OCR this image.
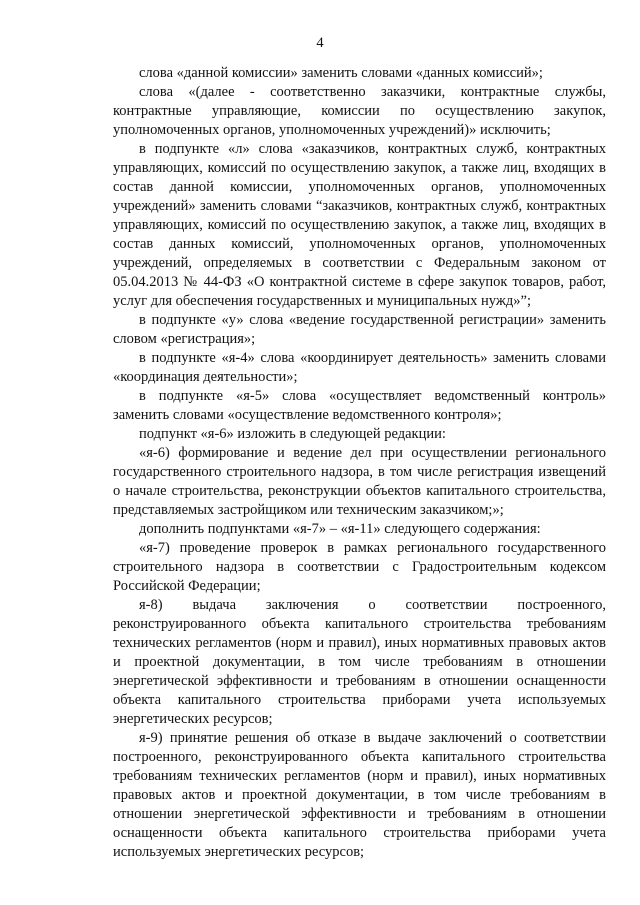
4

слова «данной комиссии» заменить словами «данных комиссий»;

слова «(далее - соответственно заказчики, контрактные службы, контрактные управляющие, комиссии по осуществлению закупок, уполномоченных органов, уполномоченных учреждений)» исключить;

в подпункте «л» слова «заказчиков, контрактных служб, контрактных управляющих, комиссий по осуществлению закупок, а также лиц, входящих в состав данной комиссии, уполномоченных органов, уполномоченных учреждений» заменить словами “заказчиков, контрактных служб, контрактных управляющих, комиссий по осуществлению закупок, а также лиц, входящих в состав данных комиссий, уполномоченных органов, уполномоченных учреждений, определяемых в соответствии с Федеральным законом от 05.04.2013 № 44-ФЗ «О контрактной системе в сфере закупок товаров, работ, услуг для обеспечения государственных и муниципальных нужд»”;

в подпункте «у» слова «ведение государственной регистрации» заменить словом «регистрация»;

в подпункте «я-4» слова «координирует деятельность» заменить словами «координация деятельности»;

в подпункте «я-5» слова «осуществляет ведомственный контроль» заменить словами «осуществление ведомственного контроля»;

подпункт «я-6» изложить в следующей редакции:

«я-6) формирование и ведение дел при осуществлении регионального государственного строительного надзора, в том числе регистрация извещений о начале строительства, реконструкции объектов капитального строительства, представляемых застройщиком или техническим заказчиком;»;

дополнить подпунктами «я-7» – «я-11» следующего содержания:

«я-7) проведение проверок в рамках регионального государственного строительного надзора в соответствии с Градостроительным кодексом Российской Федерации;

я-8) выдача заключения о соответствии построенного, реконструированного объекта капитального строительства требованиям технических регламентов (норм и правил), иных нормативных правовых актов и проектной документации, в том числе требованиям в отношении энергетической эффективности и требованиям в отношении оснащенности объекта капитального строительства приборами учета используемых энергетических ресурсов;

я-9) принятие решения об отказе в выдаче заключений о соответствии построенного, реконструированного объекта капитального строительства требованиям технических регламентов (норм и правил), иных нормативных правовых актов и проектной документации, в том числе требованиям в отношении энергетической эффективности и требованиям в отношении оснащенности объекта капитального строительства приборами учета используемых энергетических ресурсов;
